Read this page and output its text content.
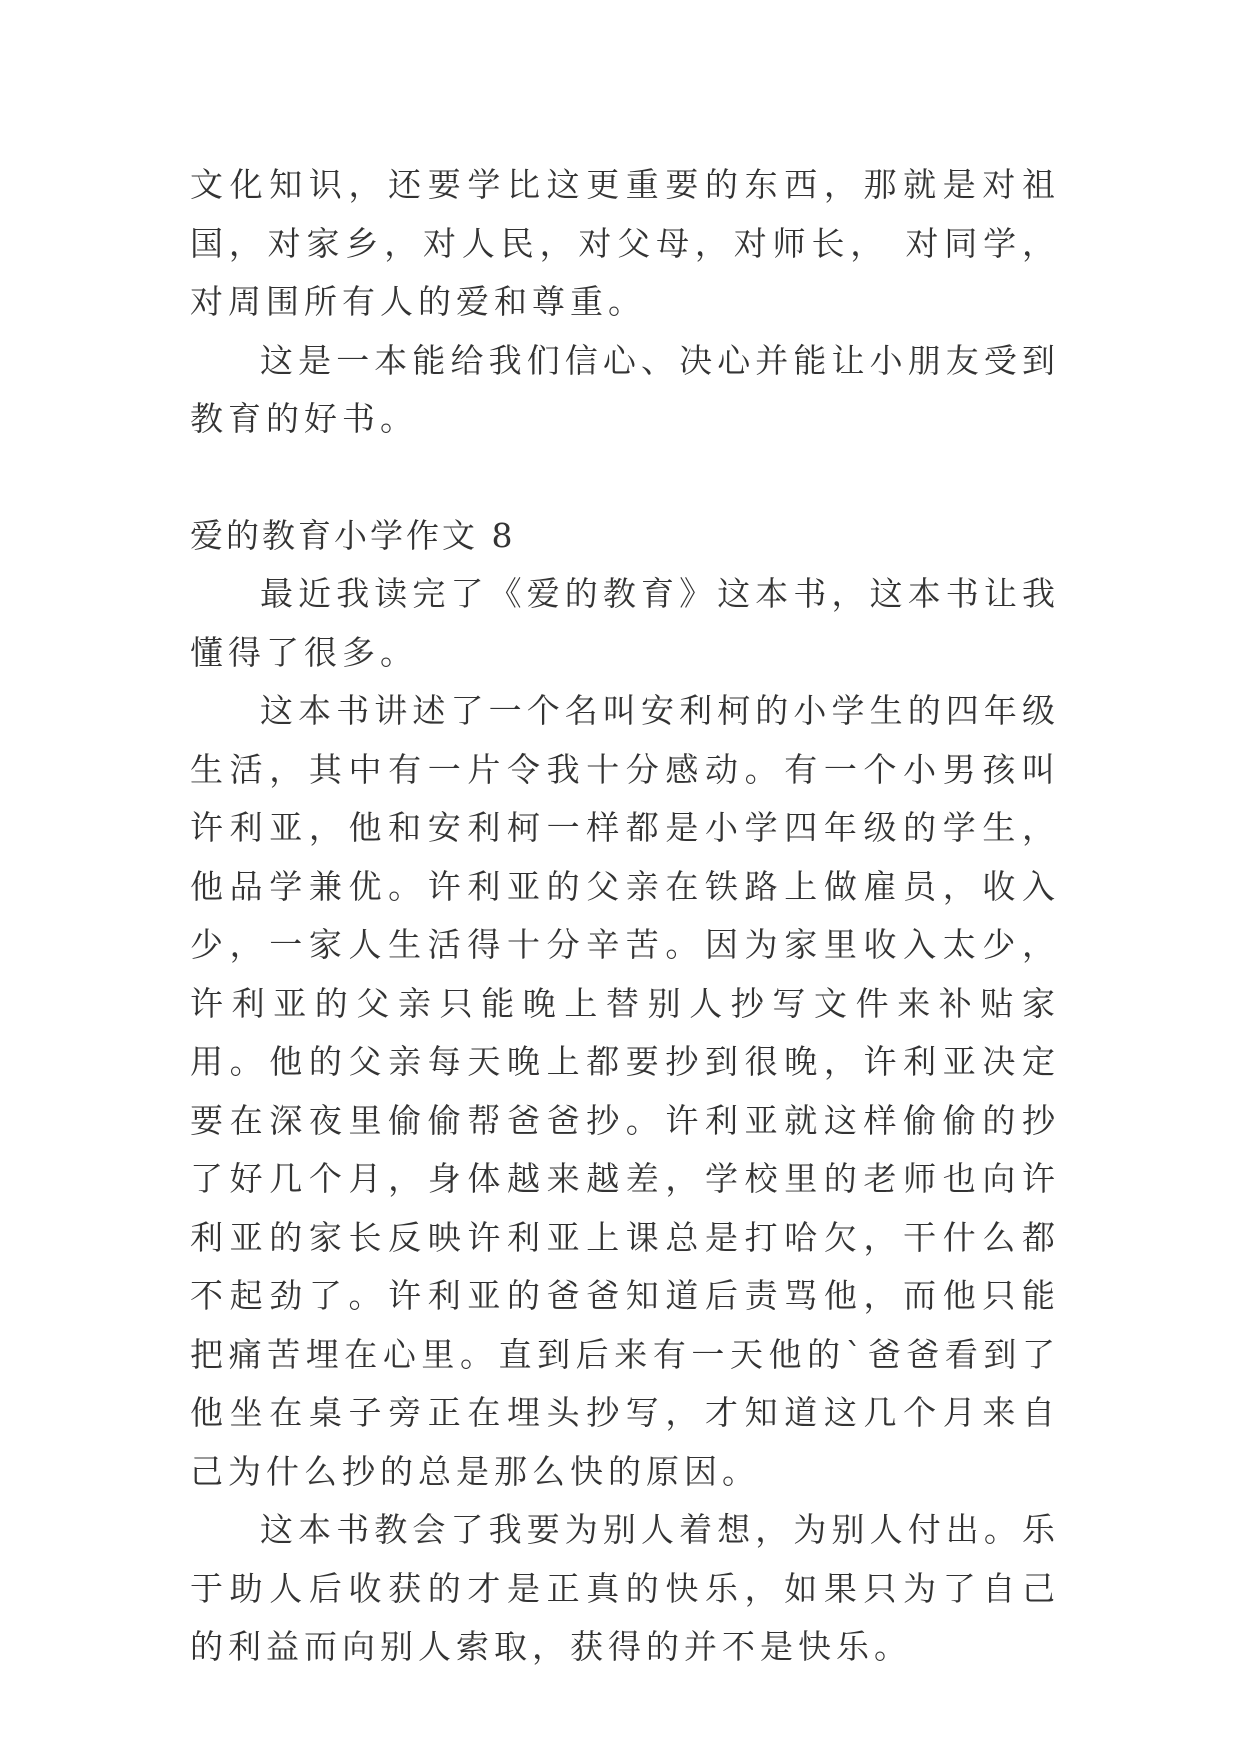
文化知识，还要学比这更重要的东西，那就是对祖国，对家乡，对人民，对父母，对师长， 对同学，对周围所有人的爱和尊重。

这是一本能给我们信心、决心并能让小朋友受到教育的好书。

爱的教育小学作文 8

最近我读完了《爱的教育》这本书，这本书让我懂得了很多。

这本书讲述了一个名叫安利柯的小学生的四年级生活，其中有一片令我十分感动。有一个小男孩叫许利亚，他和安利柯一样都是小学四年级的学生，他品学兼优。许利亚的父亲在铁路上做雇员，收入少，一家人生活得十分辛苦。因为家里收入太少，许利亚的父亲只能晚上替别人抄写文件来补贴家用。他的父亲每天晚上都要抄到很晚，许利亚决定要在深夜里偷偷帮爸爸抄。许利亚就这样偷偷的抄了好几个月，身体越来越差，学校里的老师也向许利亚的家长反映许利亚上课总是打哈欠，干什么都不起劲了。许利亚的爸爸知道后责骂他，而他只能把痛苦埋在心里。直到后来有一天他的`爸爸看到了他坐在桌子旁正在埋头抄写，才知道这几个月来自己为什么抄的总是那么快的原因。

这本书教会了我要为别人着想，为别人付出。乐于助人后收获的才是正真的快乐，如果只为了自己的利益而向别人索取，获得的并不是快乐。
